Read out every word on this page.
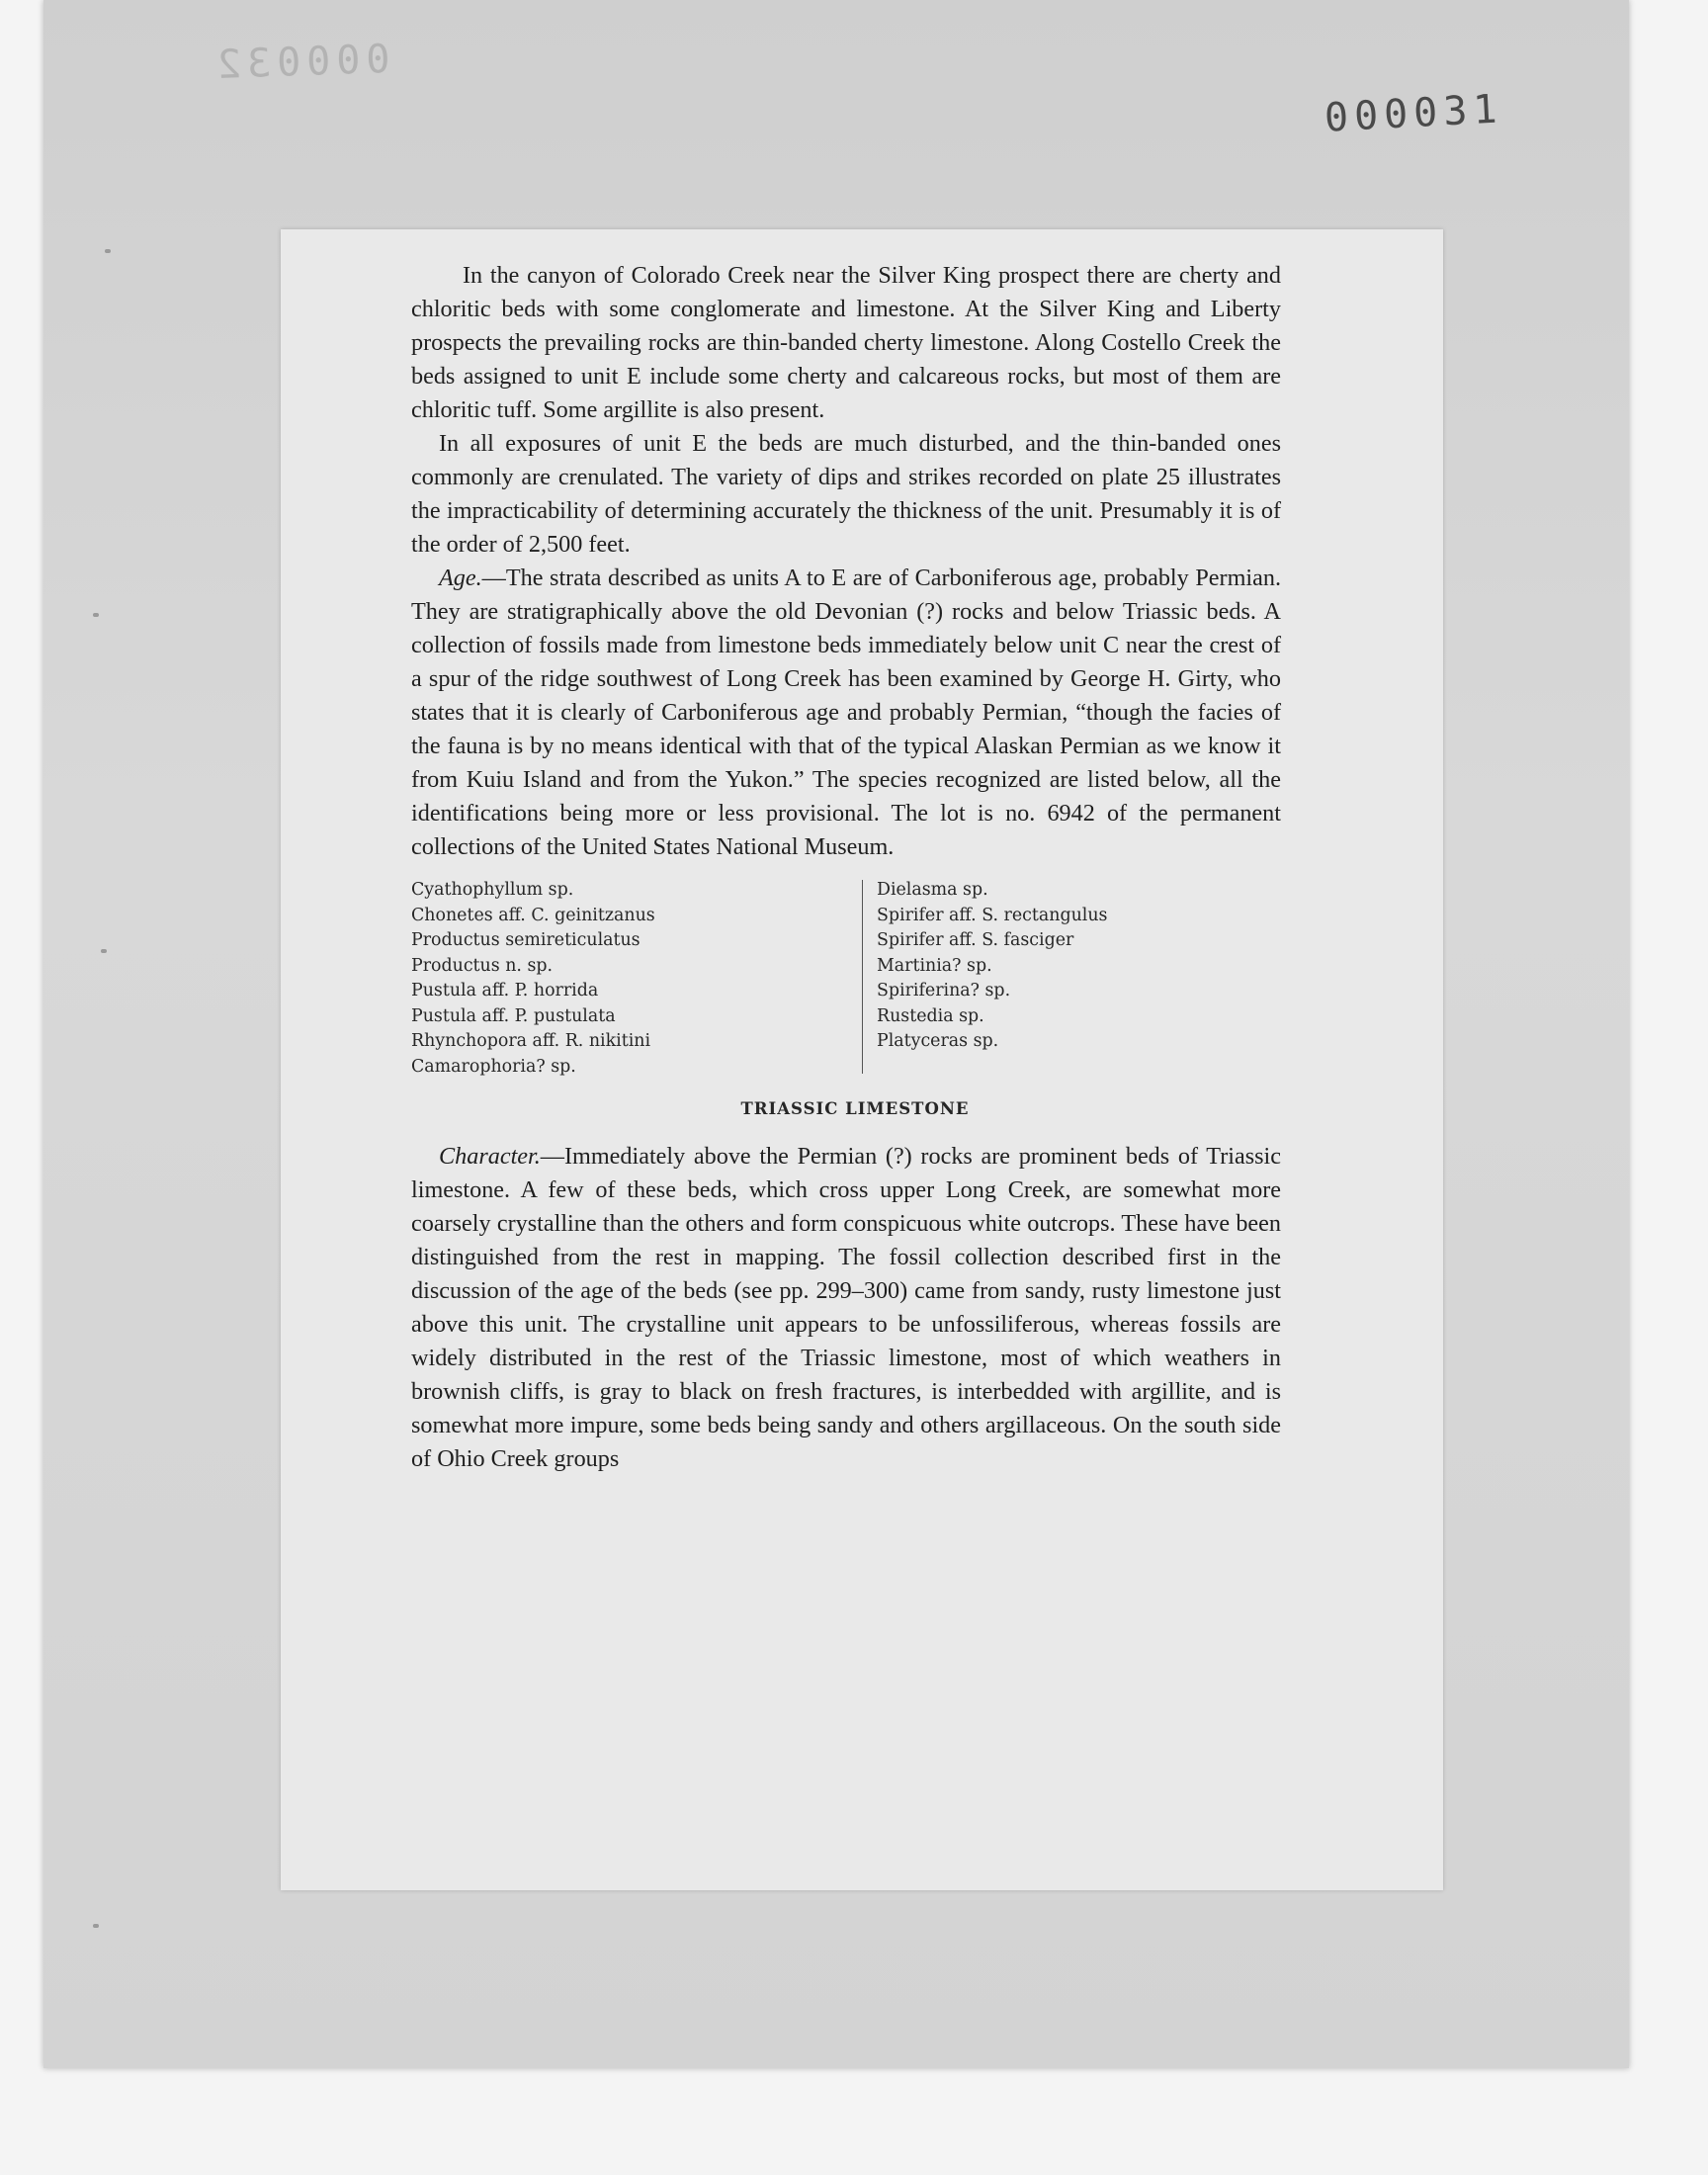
000032
000031

In the canyon of Colorado Creek near the Silver King prospect there are cherty and chloritic beds with some conglomerate and limestone. At the Silver King and Liberty prospects the prevailing rocks are thin-banded cherty limestone. Along Costello Creek the beds assigned to unit E include some cherty and calcareous rocks, but most of them are chloritic tuff. Some argillite is also present.

In all exposures of unit E the beds are much disturbed, and the thin-banded ones commonly are crenulated. The variety of dips and strikes recorded on plate 25 illustrates the impracticability of determining accurately the thickness of the unit. Presumably it is of the order of 2,500 feet.

Age.—The strata described as units A to E are of Carboniferous age, probably Permian. They are stratigraphically above the old Devonian (?) rocks and below Triassic beds. A collection of fossils made from limestone beds immediately below unit C near the crest of a spur of the ridge southwest of Long Creek has been examined by George H. Girty, who states that it is clearly of Carboniferous age and probably Permian, “though the facies of the fauna is by no means identical with that of the typical Alaskan Permian as we know it from Kuiu Island and from the Yukon.” The species recognized are listed below, all the identifications being more or less provisional. The lot is no. 6942 of the permanent collections of the United States National Museum.

Cyathophyllum sp.
Chonetes aff. C. geinitzanus
Productus semireticulatus
Productus n. sp.
Pustula aff. P. horrida
Pustula aff. P. pustulata
Rhynchopora aff. R. nikitini
Camarophoria? sp.
Dielasma sp.
Spirifer aff. S. rectangulus
Spirifer aff. S. fasciger
Martinia? sp.
Spiriferina? sp.
Rustedia sp.
Platyceras sp.
TRIASSIC LIMESTONE

Character.—Immediately above the Permian (?) rocks are prominent beds of Triassic limestone. A few of these beds, which cross upper Long Creek, are somewhat more coarsely crystalline than the others and form conspicuous white outcrops. These have been distinguished from the rest in mapping. The fossil collection described first in the discussion of the age of the beds (see pp. 299–300) came from sandy, rusty limestone just above this unit. The crystalline unit appears to be unfossiliferous, whereas fossils are widely distributed in the rest of the Triassic limestone, most of which weathers in brownish cliffs, is gray to black on fresh fractures, is interbedded with argillite, and is somewhat more impure, some beds being sandy and others argillaceous. On the south side of Ohio Creek groups
